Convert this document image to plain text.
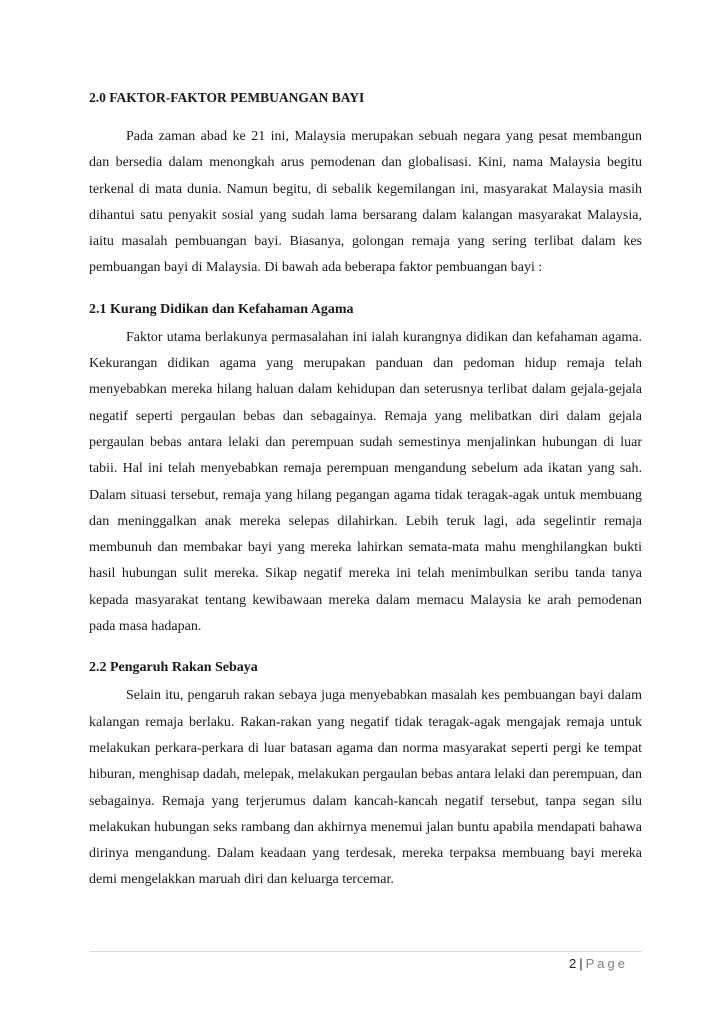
2.0 FAKTOR-FAKTOR PEMBUANGAN BAYI

Pada zaman abad ke 21 ini, Malaysia merupakan sebuah negara yang pesat membangun dan bersedia dalam menongkah arus pemodenan dan globalisasi. Kini, nama Malaysia begitu terkenal di mata dunia. Namun begitu, di sebalik kegemilangan ini, masyarakat Malaysia masih dihantui satu penyakit sosial yang sudah lama bersarang dalam kalangan masyarakat Malaysia, iaitu masalah pembuangan bayi. Biasanya, golongan remaja yang sering terlibat dalam kes pembuangan bayi di Malaysia. Di bawah ada beberapa faktor pembuangan bayi :

2.1 Kurang Didikan dan Kefahaman Agama

Faktor utama berlakunya permasalahan ini ialah kurangnya didikan dan kefahaman agama. Kekurangan didikan agama yang merupakan panduan dan pedoman hidup remaja telah menyebabkan mereka hilang haluan dalam kehidupan dan seterusnya terlibat dalam gejala-gejala negatif seperti pergaulan bebas dan sebagainya. Remaja yang melibatkan diri dalam gejala pergaulan bebas antara lelaki dan perempuan sudah semestinya menjalinkan hubungan di luar tabii. Hal ini telah menyebabkan remaja perempuan mengandung sebelum ada ikatan yang sah. Dalam situasi tersebut, remaja yang hilang pegangan agama tidak teragak-agak untuk membuang dan meninggalkan anak mereka selepas dilahirkan. Lebih teruk lagi, ada segelintir remaja membunuh dan membakar bayi yang mereka lahirkan semata-mata mahu menghilangkan bukti hasil hubungan sulit mereka. Sikap negatif mereka ini telah menimbulkan seribu tanda tanya kepada masyarakat tentang kewibawaan mereka dalam memacu Malaysia ke arah pemodenan pada masa hadapan.

2.2 Pengaruh Rakan Sebaya

Selain itu, pengaruh rakan sebaya juga menyebabkan masalah kes pembuangan bayi dalam kalangan remaja berlaku. Rakan-rakan yang negatif tidak teragak-agak mengajak remaja untuk melakukan perkara-perkara di luar batasan agama dan norma masyarakat seperti pergi ke tempat hiburan, menghisap dadah, melepak, melakukan pergaulan bebas antara lelaki dan perempuan, dan sebagainya. Remaja yang terjerumus dalam kancah-kancah negatif tersebut, tanpa segan silu melakukan hubungan seks rambang dan akhirnya menemui jalan buntu apabila mendapati bahawa dirinya mengandung. Dalam keadaan yang terdesak, mereka terpaksa membuang bayi mereka demi mengelakkan maruah diri dan keluarga tercemar.

2 | Page
